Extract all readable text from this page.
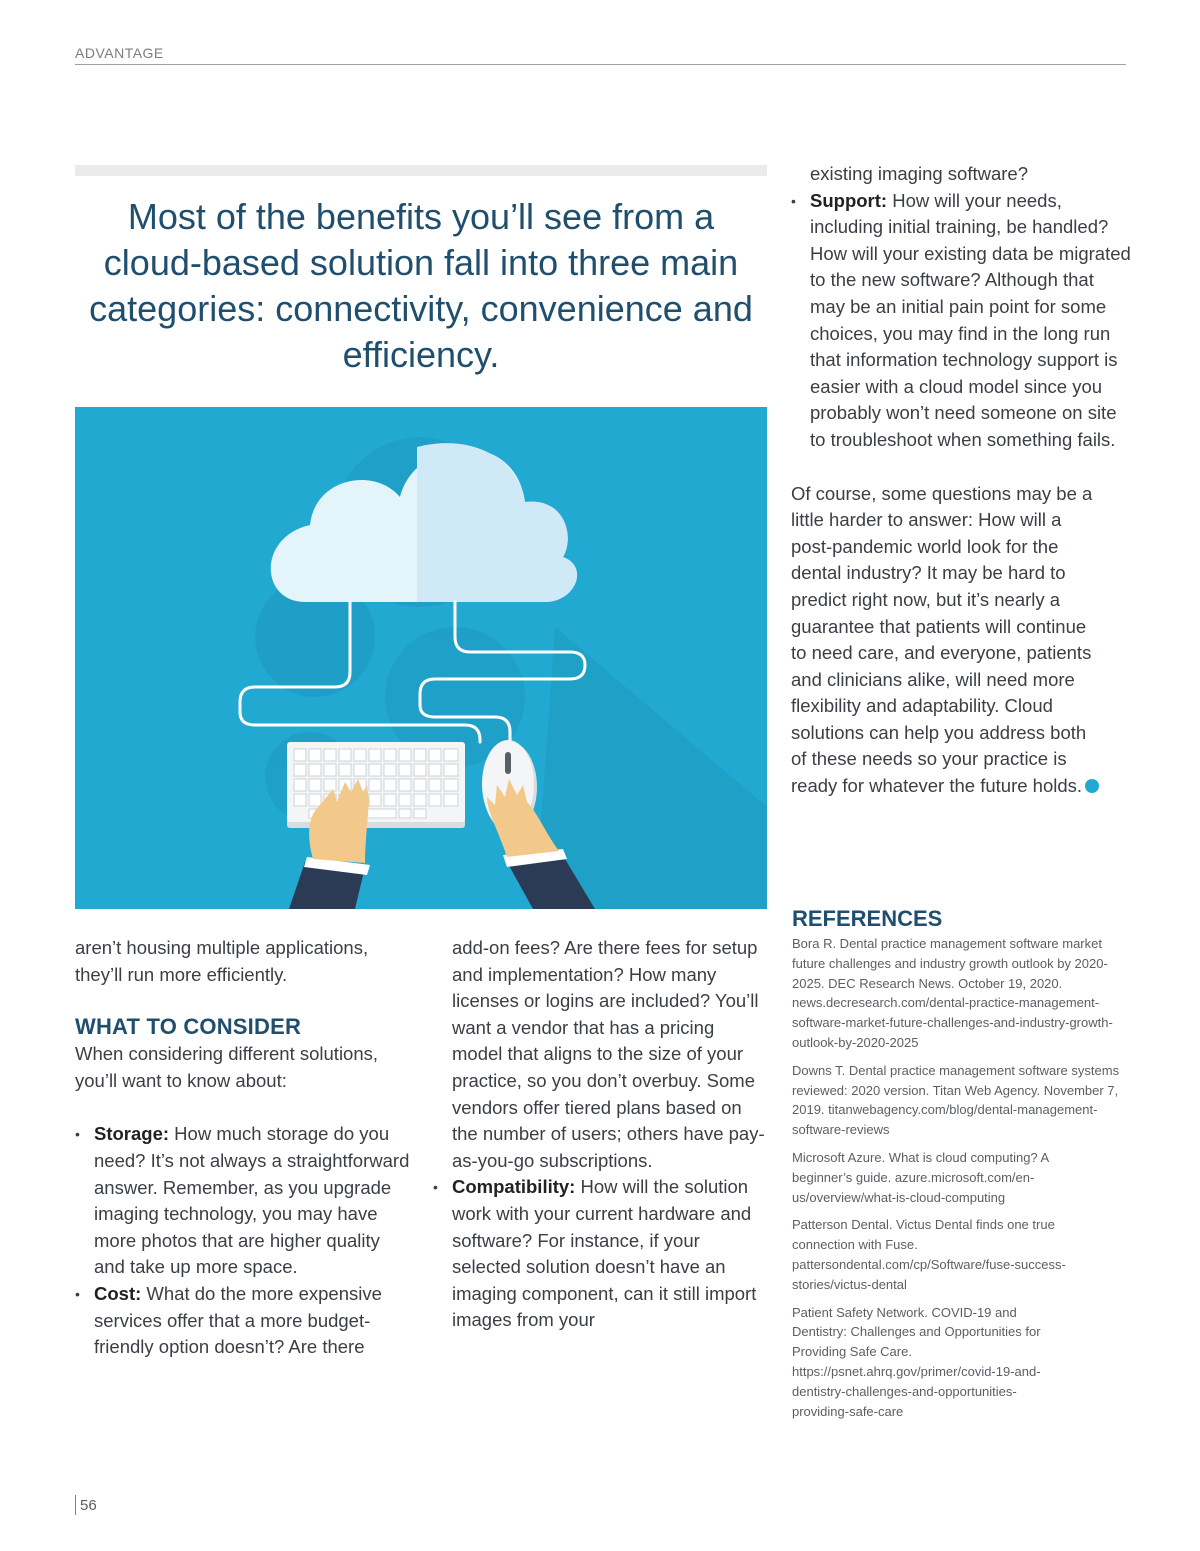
ADVANTAGE
Most of the benefits you’ll see from a cloud-based solution fall into three main categories: connectivity, convenience and efficiency.

aren’t housing multiple applications, they’ll run more efficiently.

WHAT TO CONSIDER

When considering different solutions, you’ll want to know about:

• Storage: How much storage do you need? It’s not always a straightforward answer. Remember, as you upgrade imaging technology, you may have more photos that are higher quality and take up more space.
• Cost: What do the more expensive services offer that a more budget-friendly option doesn’t? Are there
add-on fees? Are there fees for setup and implementation? How many licenses or logins are included? You’ll want a vendor that has a pricing model that aligns to the size of your practice, so you don’t overbuy. Some vendors offer tiered plans based on the number of users; others have pay-as-you-go subscriptions.
• Compatibility: How will the solution work with your current hardware and software? For instance, if your selected solution doesn’t have an imaging component, can it still import images from your
existing imaging software?
• Support: How will your needs, including initial training, be handled? How will your existing data be migrated to the new software? Although that may be an initial pain point for some choices, you may find in the long run that information technology support is easier with a cloud model since you probably won’t need someone on site to troubleshoot when something fails.

Of course, some questions may be a little harder to answer: How will a post-pandemic world look for the dental industry? It may be hard to predict right now, but it’s nearly a guarantee that patients will continue to need care, and everyone, patients and clinicians alike, will need more flexibility and adaptability. Cloud solutions can help you address both of these needs so your practice is ready for whatever the future holds.

REFERENCES

Bora R. Dental practice management software market future challenges and industry growth outlook by 2020-2025. DEC Research News. October 19, 2020. news.decresearch.com/dental-practice-management-software-market-future-challenges-and-industry-growth-outlook-by-2020-2025

Downs T. Dental practice management software systems reviewed: 2020 version. Titan Web Agency. November 7, 2019. titanwebagency.com/blog/dental-management-software-reviews

Microsoft Azure. What is cloud computing? A beginner’s guide. azure.microsoft.com/en-us/overview/what-is-cloud-computing

Patterson Dental. Victus Dental finds one true connection with Fuse. pattersondental.com/cp/Software/fuse-success-stories/victus-dental

Patient Safety Network. COVID-19 and Dentistry: Challenges and Opportunities for Providing Safe Care. https://psnet.ahrq.gov/primer/covid-19-and-dentistry-challenges-and-opportunities-providing-safe-care

56
